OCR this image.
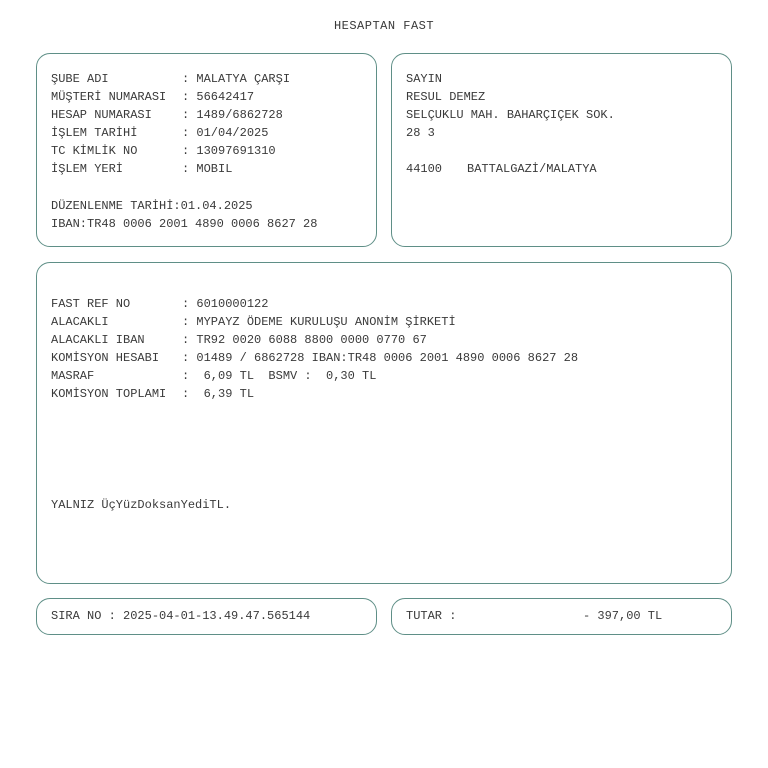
HESAPTAN FAST
ŞUBE ADI	: MALATYA ÇARŞI
MÜŞTERİ NUMARASI : 56642417
HESAP NUMARASI	: 1489/6862728
İŞLEM TARİHİ	: 01/04/2025
TC KİMLİK NO	: 13097691310
İŞLEM YERİ	: MOBIL
DÜZENLENME TARİHİ:01.04.2025
IBAN:TR48 0006 2001 4890 0006 8627 28
SAYIN
RESUL DEMEZ
SELÇUKLU MAH. BAHARÇIÇEK SOK.
28 3
44100 BATTALGAZİ/MALATYA
FAST REF NO	: 6010000122
ALACAKLI	: MYPAYZ ÖDEME KURULUŞU ANONİM ŞİRKETİ
ALACAKLI IBAN	: TR92 0020 6088 8800 0000 0770 67
KOMİSYON HESABI : 01489 / 6862728 IBAN:TR48 0006 2001 4890 0006 8627 28
MASRAF	:  6,09 TL  BSMV :  0,30 TL
KOMİSYON TOPLAMI :  6,39 TL
YALNIZ ÜçYüzDoksanYediTL.
SIRA NO : 2025-04-01-13.49.47.565144	TUTAR :	- 397,00 TL
